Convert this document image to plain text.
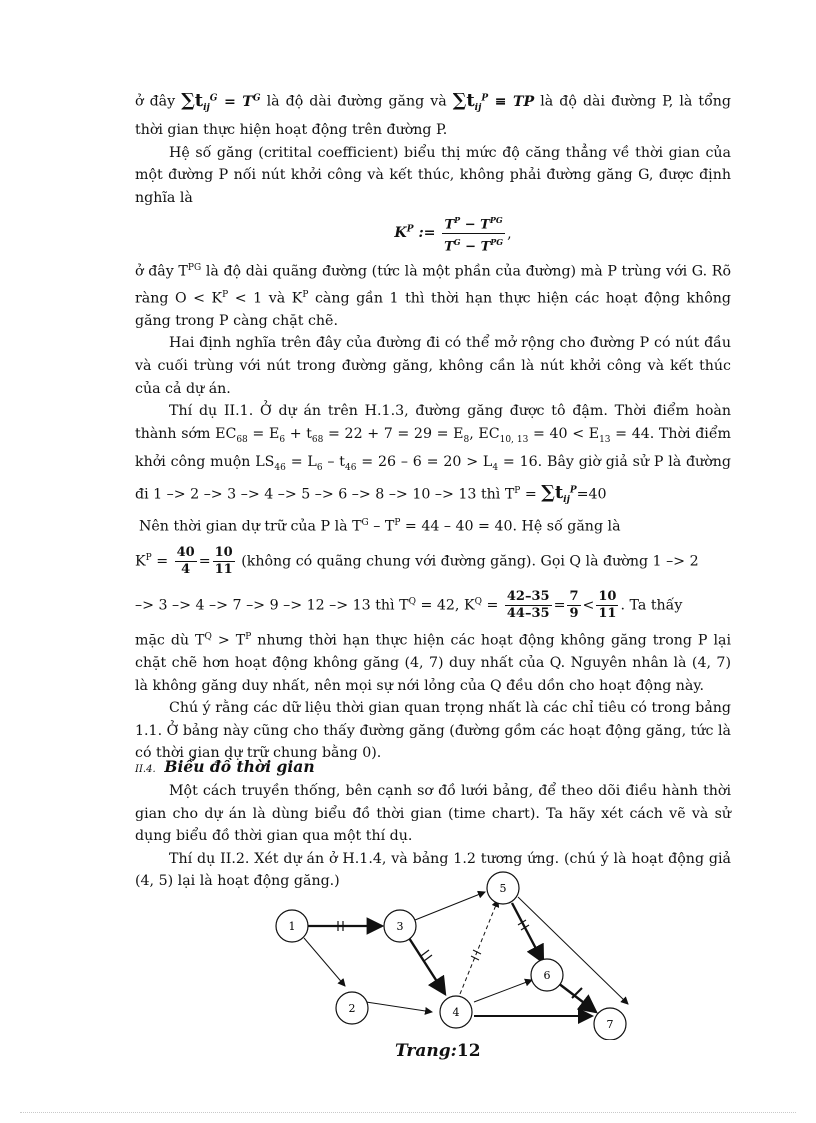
ở đây $\sum t_{ij}^G = T^G$ là độ dài đường găng và $\sum t_{ij}^P$ ≡ TP là độ dài đường P, là tổng thời gian thực hiện hoạt động trên đường P.

Hệ số găng (critital coefficient) biểu thị mức độ căng thẳng về thời gian của một đường P nối nút khởi công và kết thúc, không phải đường găng G, được định nghĩa là

$K^P$ := $\frac{T^P - T^{PG}}{T^G - T^{PG}}$ ,

ở đây $T^{PG}$ là độ dài quãng đường (tức là một phần của đường) mà P trùng với G. Rõ ràng $O < K^P < 1$ và $K^P$ càng gần 1 thì thời hạn thực hiện các hoạt động không găng trong P càng chặt chẽ.

Hai định nghĩa trên đây của đường đi có thể mở rộng cho đường P có nút đầu và cuối trùng với nút trong đường găng, không cần là nút khởi công và kết thúc của cả dự án.

Thí dụ II.1. Ở dự án trên H.1.3, đường găng được tô đậm. Thời điểm hoàn thành sớm $EC_{68} = E_6 + t_{68} = 22 + 7 = 29 = E_8$, $EC_{10, 13} = 40 < E_{13} = 44$. Thời điểm khởi công muộn $LS_{46} = L_6 - t_{46} = 26 - 6 = 20 > L_4 = 16$. Bây giờ giả sử P là đường đi 1 –> 2 –> 3 –> 4 –> 5 –> 6 –> 8 –> 10 –> 13 thì $T^P = \sum t_{ij}^P=40$

Nên thời gian dự trữ của P là $T^G - T^P = 44 - 40 = 40$. Hệ số găng là

$K^P = \frac{40}{4} = \frac{10}{11}$ (không có quãng chung với đường găng). Gọi Q là đường 1 –> 2

–> 3 –> 4 –> 7 –> 9 –> 12 –> 13 thì $T^Q = 42$, $K^Q = \frac{42-35}{44-35} = \frac{7}{9} < \frac{10}{11}$ . Ta thấy

mặc dù $T^Q > T^P$ nhưng thời hạn thực hiện các hoạt động không găng trong P lại chặt chẽ hơn hoạt động không găng (4, 7) duy nhất của Q. Nguyên nhân là (4, 7) là không găng duy nhất, nên mọi sự nới lỏng của Q đều dồn cho hoạt động này.

Chú ý rằng các dữ liệu thời gian quan trọng nhất là các chỉ tiêu có trong bảng 1.1. Ở bảng này cũng cho thấy đường găng (đường gồm các hoạt động găng, tức là có thời gian dự trữ chung bằng 0).

II.4. Biểu đồ thời gian

Một cách truyền thống, bên cạnh sơ đồ lưới bảng, để theo dõi điều hành thời gian cho dự án là dùng biểu đồ thời gian (time chart). Ta hãy xét cách vẽ và sử dụng biểu đồ thời gian qua một thí dụ.

Thí dụ II.2. Xét dự án ở H.1.4, và bảng 1.2 tương ứng. (chú ý là hoạt động giả (4, 5) lại là hoạt động găng.)

1	3
5
2	4
6
7
Trang:12
